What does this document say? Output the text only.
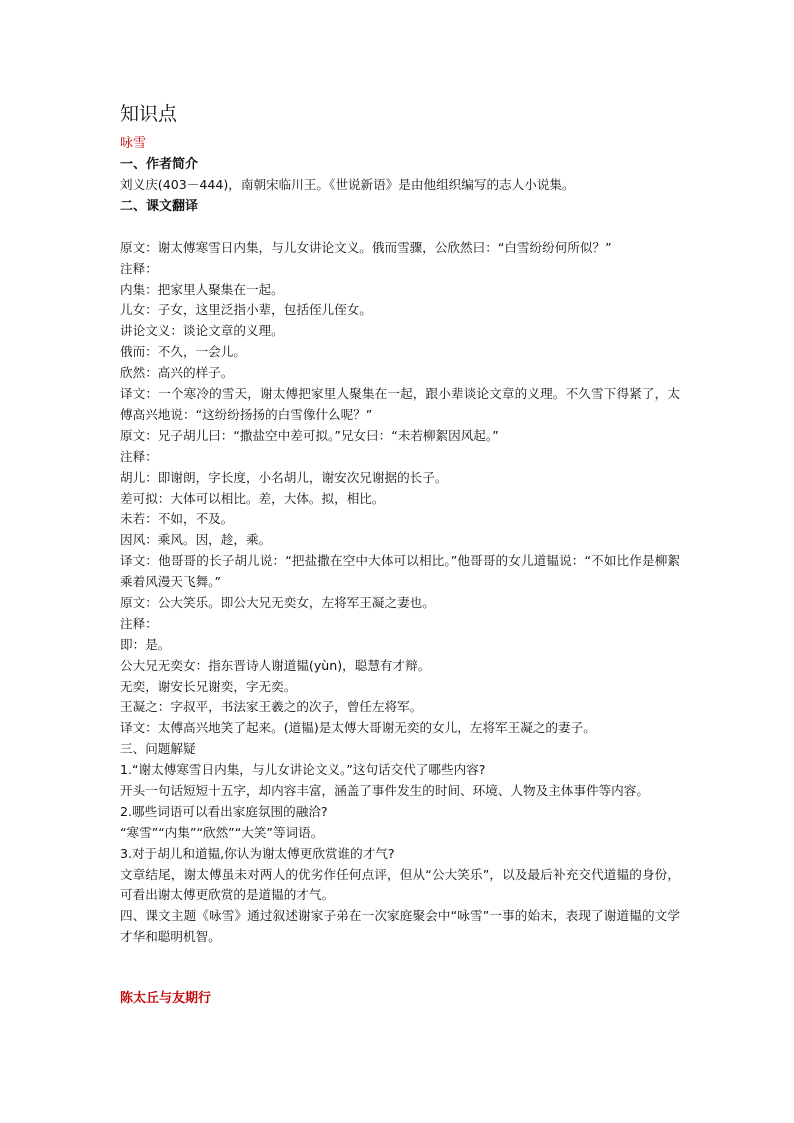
知识点
咏雪
一、作者简介
刘义庆(403－444)，南朝宋临川王。《世说新语》是由他组织编写的志人小说集。
二、课文翻译
原文：谢太傅寒雪日内集，与儿女讲论文义。俄而雪骤，公欣然曰：“白雪纷纷何所似？”
注释：
内集：把家里人聚集在一起。
儿女：子女，这里泛指小辈，包括侄儿侄女。
讲论文义：谈论文章的义理。
俄而：不久，一会儿。
欣然：高兴的样子。
译文：一个寒冷的雪天，谢太傅把家里人聚集在一起，跟小辈谈论文章的义理。不久雪下得紧了，太傅高兴地说：“这纷纷扬扬的白雪像什么呢？”
原文：兄子胡儿曰：“撒盐空中差可拟。”兄女曰：“未若柳絮因风起。”
注释：
胡儿：即谢朗，字长度，小名胡儿，谢安次兄谢据的长子。
差可拟：大体可以相比。差，大体。拟，相比。
未若：不如，不及。
因风：乘风。因，趁，乘。
译文：他哥哥的长子胡儿说：“把盐撒在空中大体可以相比。”他哥哥的女儿道韫说：“不如比作是柳絮乘着风漫天飞舞。”
原文：公大笑乐。即公大兄无奕女，左将军王凝之妻也。
注释：
即：是。
公大兄无奕女：指东晋诗人谢道韫(yùn)，聪慧有才辩。
无奕，谢安长兄谢奕，字无奕。
王凝之：字叔平，书法家王羲之的次子，曾任左将军。
译文：太傅高兴地笑了起来。(道韫)是太傅大哥谢无奕的女儿，左将军王凝之的妻子。
三、问题解疑
1.“谢太傅寒雪日内集，与儿女讲论文义。”这句话交代了哪些内容?
开头一句话短短十五字，却内容丰富，涵盖了事件发生的时间、环境、人物及主体事件等内容。
2.哪些词语可以看出家庭氛围的融洽?
“寒雪”“内集”“欣然”“大笑”等词语。
3.对于胡儿和道韫,你认为谢太傅更欣赏谁的才气?
文章结尾，谢太傅虽未对两人的优劣作任何点评，但从“公大笑乐”，以及最后补充交代道韫的身份，可看出谢太傅更欣赏的是道韫的才气。
四、课文主题《咏雪》通过叙述谢家子弟在一次家庭聚会中“咏雪”一事的始末，表现了谢道韫的文学才华和聪明机智。
陈太丘与友期行
